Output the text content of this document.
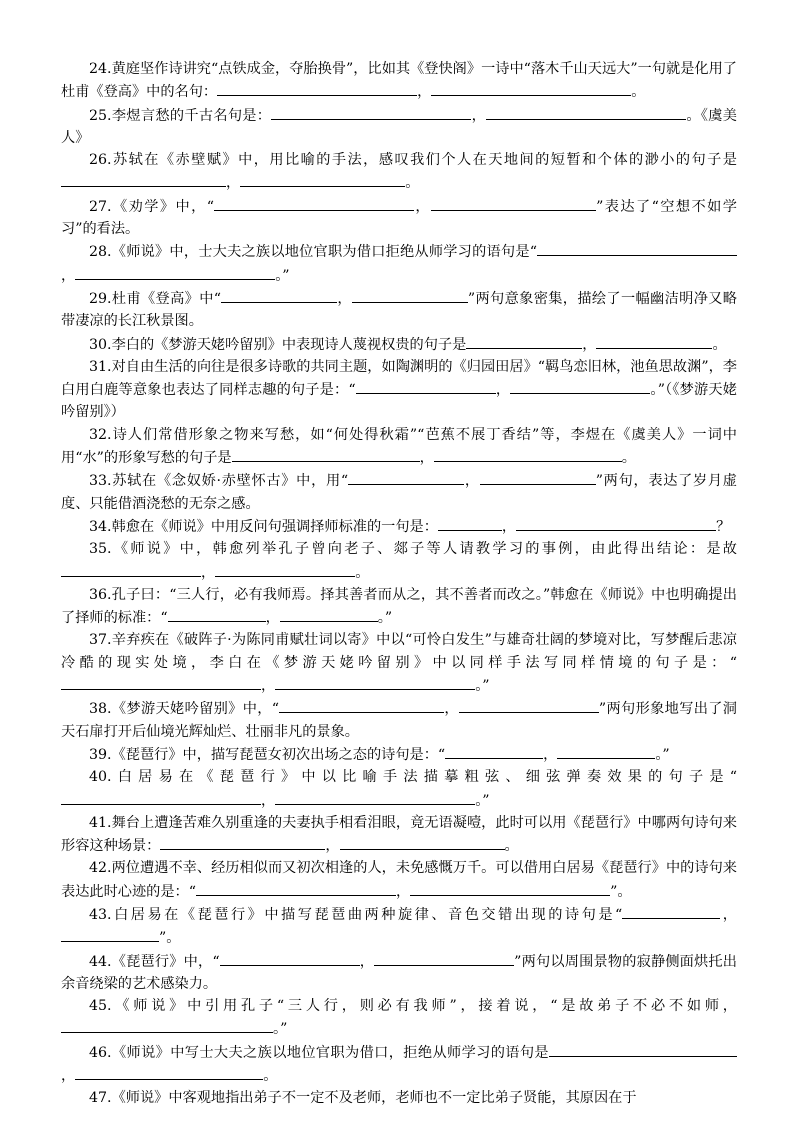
24.黄庭坚作诗讲究“点铁成金，夺胎换骨”，比如其《登快阁》一诗中“落木千山天远大”一句就是化用了杜甫《登高》中的名句：	，	。

25.李煜言愁的千古名句是：	，	。《虞美人》

26.苏轼在《赤壁赋》中，用比喻的手法，感叹我们个人在天地间的短暂和个体的渺小的句子是，	。

27.《劝学》中，“	，	”表达了“空想不如学习”的看法。

28.《师说》中，士大夫之族以地位官职为借口拒绝从师学习的语句是“，	。”

29.杜甫《登高》中“	，	”两句意象密集，描绘了一幅幽洁明净又略带凄凉的长江秋景图。

30.李白的《梦游天姥吟留别》中表现诗人蔑视权贵的句子是	，	。

31.对自由生活的向往是很多诗歌的共同主题，如陶渊明的《归园田居》“羁鸟恋旧林，池鱼思故渊”，李白用白鹿等意象也表达了同样志趣的句子是：“	，	。”（《梦游天姥吟留别》）

32.诗人们常借形象之物来写愁，如“何处得秋霜”“芭蕉不展丁香结”等，李煜在《虞美人》一词中用“水”的形象写愁的句子是	，	。

33.苏轼在《念奴娇·赤壁怀古》中，用“	，	”两句，表达了岁月虚度、只能借酒浇愁的无奈之感。

34.韩愈在《师说》中用反问句强调择师标准的一句是：	，	？

35.《师说》中，韩愈列举孔子曾向老子、郯子等人请教学习的事例，由此得出结论：是故，	。

36.孔子曰：“三人行，必有我师焉。择其善者而从之，其不善者而改之。”韩愈在《师说》中也明确提出了择师的标准：“	，	。”

37.辛弃疾在《破阵子·为陈同甫赋壮词以寄》中以“可怜白发生”与雄奇壮阔的梦境对比，写梦醒后悲凉冷酷的现实处境，李白在《梦游天姥吟留别》中以同样手法写同样情境的句子是：“，	。”

38.《梦游天姥吟留别》中，“	，	”两句形象地写出了洞天石扉打开后仙境光辉灿烂、壮丽非凡的景象。

39.《琵琶行》中，描写琵琶女初次出场之态的诗句是：“	，	。”

40.白居易在《琵琶行》中以比喻手法描摹粗弦、细弦弹奏效果的句子是“，	。”

41.舞台上遭逢苦难久别重逢的夫妻执手相看泪眼，竟无语凝噎，此时可以用《琵琶行》中哪两句诗句来形容这种场景：	，	。

42.两位遭遇不幸、经历相似而又初次相逢的人，未免感慨万千。可以借用白居易《琵琶行》中的诗句来表达此时心迹的是：“	，	”。

43.白居易在《琵琶行》中描写琵琶曲两种旋律、音色交错出现的诗句是“	，”。

44.《琵琶行》中，“	，	”两句以周围景物的寂静侧面烘托出余音绕梁的艺术感染力。

45.《师说》中引用孔子“三人行，则必有我师”，接着说，“是故弟子不必不如师，。”

46.《师说》中写士大夫之族以地位官职为借口，拒绝从师学习的语句是，	。

47.《师说》中客观地指出弟子不一定不及老师，老师也不一定比弟子贤能，其原因在于
